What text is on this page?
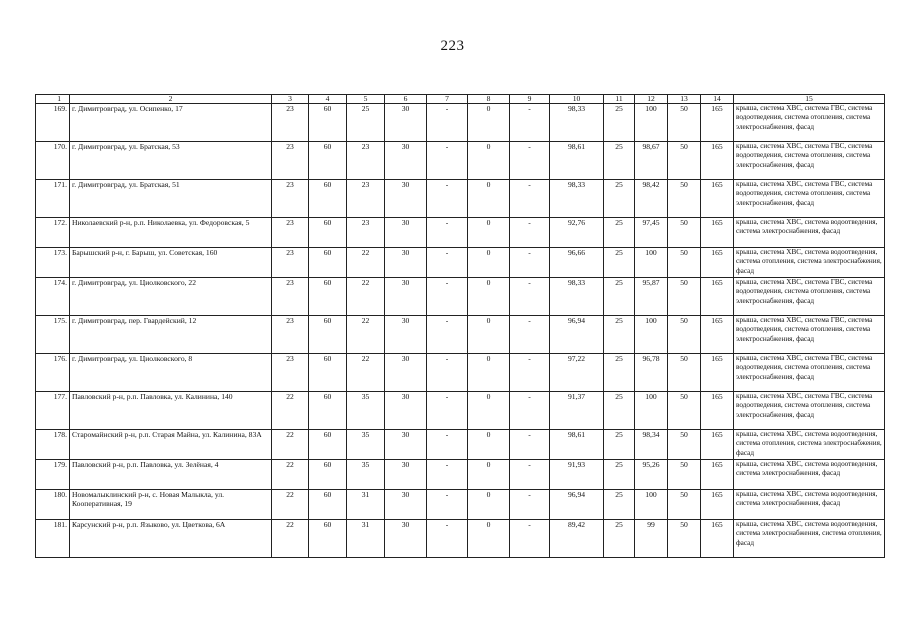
223
1	2	3	4	5	6	7	8	9	10	11	12	13	14	15
169.	г. Димитровград, ул. Осипенко, 17	23	60	25	30	-	0	-	98,33	25	100	50	165	крыша, система ХВС, система ГВС, система водоотведения, система отопления, система электроснабжения, фасад
170.	г. Димитровград, ул. Братская, 53	23	60	23	30	-	0	-	98,61	25	98,67	50	165	крыша, система ХВС, система ГВС, система водоотведения, система отопления, система электроснабжения, фасад
171.	г. Димитровград, ул. Братская, 51	23	60	23	30	-	0	-	98,33	25	98,42	50	165	крыша, система ХВС, система ГВС, система водоотведения, система отопления, система электроснабжения, фасад
172.	Николаевский р-н, р.п. Николаевка, ул. Федоровская, 5	23	60	23	30	-	0	-	92,76	25	97,45	50	165	крыша, система ХВС, система водоотведения, система электроснабжения, фасад
173.	Барышский р-н, г. Барыш, ул. Советская, 160	23	60	22	30	-	0	-	96,66	25	100	50	165	крыша, система ХВС, система водоотведения, система отопления, система электроснабжения, фасад
174.	г. Димитровград, ул. Циолковского, 22	23	60	22	30	-	0	-	98,33	25	95,87	50	165	крыша, система ХВС, система ГВС, система водоотведения, система отопления, система электроснабжения, фасад
175.	г. Димитровград, пер. Гвардейский, 12	23	60	22	30	-	0	-	96,94	25	100	50	165	крыша, система ХВС, система ГВС, система водоотведения, система отопления, система электроснабжения, фасад
176.	г. Димитровград, ул. Циолковского, 8	23	60	22	30	-	0	-	97,22	25	96,78	50	165	крыша, система ХВС, система ГВС, система водоотведения, система отопления, система электроснабжения, фасад
177.	Павловский р-н, р.п. Павловка, ул. Калинина, 140	22	60	35	30	-	0	-	91,37	25	100	50	165	крыша, система ХВС, система ГВС, система водоотведения, система отопления, система электроснабжения, фасад
178.	Старомайнский р-н, р.п. Старая Майна, ул. Калинина, 83А	22	60	35	30	-	0	-	98,61	25	98,34	50	165	крыша, система ХВС, система водоотведения, система отопления, система электроснабжения, фасад
179.	Павловский р-н, р.п. Павловка, ул. Зелёная, 4	22	60	35	30	-	0	-	91,93	25	95,26	50	165	крыша, система ХВС, система водоотведения, система электроснабжения, фасад
180.	Новомалыклинский р-н, с. Новая Малыкла, ул. Кооперативная, 19	22	60	31	30	-	0	-	96,94	25	100	50	165	крыша, система ХВС, система водоотведения, система электроснабжения, фасад
181.	Карсунский р-н, р.п. Языково, ул. Цветкова, 6А	22	60	31	30	-	0	-	89,42	25	99	50	165	крыша, система ХВС, система водоотведения, система электроснабжения, система отопления, фасад
